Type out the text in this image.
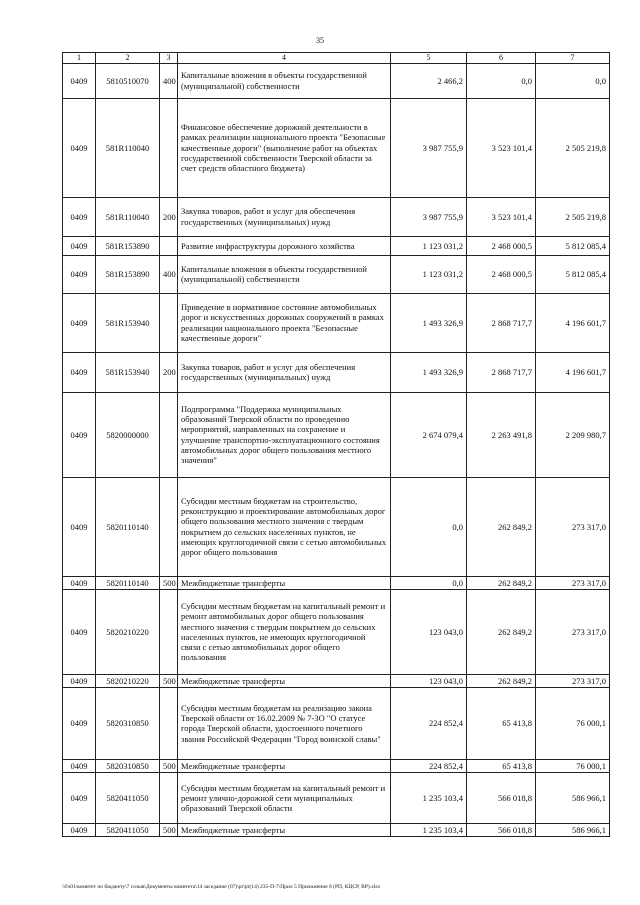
35
1	2	3	4	5	6	7
0409	5810510070	400	Капитальные вложения в объекты государственной (муниципальной) собственности	2 466,2	0,0	0,0
0409	581R110040		Финансовое обеспечение дорожной деятельности в рамках реализации национального проекта "Безопасные качественные дороги" (выполнение работ на объектах государственной собственности Тверской области за счет средств областного бюджета)	3 987 755,9	3 523 101,4	2 505 219,8
0409	581R110040	200	Закупка товаров, работ и услуг для обеспечения государственных (муниципальных) нужд	3 987 755,9	3 523 101,4	2 505 219,8
0409	581R153890		Развитие инфраструктуры дорожного хозяйства	1 123 031,2	2 468 000,5	5 812 085,4
0409	581R153890	400	Капитальные вложения в объекты государственной (муниципальной) собственности	1 123 031,2	2 468 000,5	5 812 085,4
0409	581R153940		Приведение в нормативное состояние автомобильных дорог и искусственных дорожных сооружений в рамках реализации национального проекта "Безопасные качественные дороги"	1 493 326,9	2 868 717,7	4 196 601,7
0409	581R153940	200	Закупка товаров, работ и услуг для обеспечения государственных (муниципальных) нужд	1 493 326,9	2 868 717,7	4 196 601,7
0409	5820000000		Подпрограмма "Поддержка муниципальных образований Тверской области по проведению мероприятий, направленных на сохранение и улучшение транспортно-эксплуатационного состояния автомобильных дорог общего пользования местного значения"	2 674 079,4	2 263 491,8	2 209 980,7
0409	5820110140		Субсидии местным бюджетам на строительство, реконструкцию и проектирование автомобильных дорог общего пользования местного значения с твердым покрытием до сельских населенных пунктов, не имеющих круглогодичной связи с сетью автомобильных дорог общего пользования	0,0	262 849,2	273 317,0
0409	5820110140	500	Межбюджетные трансферты	0,0	262 849,2	273 317,0
0409	5820210220		Субсидии местным бюджетам на капитальный ремонт и ремонт автомобильных дорог общего пользования местного значения с твердым покрытием до сельских населенных пунктов, не имеющих круглогодичной связи с сетью автомобильных дорог общего пользования	123 043,0	262 849,2	273 317,0
0409	5820210220	500	Межбюджетные трансферты	123 043,0	262 849,2	273 317,0
0409	5820310850		Субсидии местным бюджетам на реализацию закона Тверской области от 16.02.2009 № 7-ЗО "О статусе города Тверской области, удостоенного почетного звания Российской Федерации "Город воинской славы"	224 852,4	65 413,8	76 000,1
0409	5820310850	500	Межбюджетные трансферты	224 852,4	65 413,8	76 000,1
0409	5820411050		Субсидии местным бюджетам на капитальный ремонт и ремонт улично-дорожной сети муниципальных образований Тверской области	1 235 103,4	566 018,8	586 966,1
0409	5820411050	500	Межбюджетные трансферты	1 235 103,4	566 018,8	586 966,1
\\Fs01\комитет по бюджету\7 созыв\Документы комитета\14 заседание (07)\pr\pr(14) 235-П-7\Прил 5 Приложение 8 (РП, КЦСР, ВР).xlsx
